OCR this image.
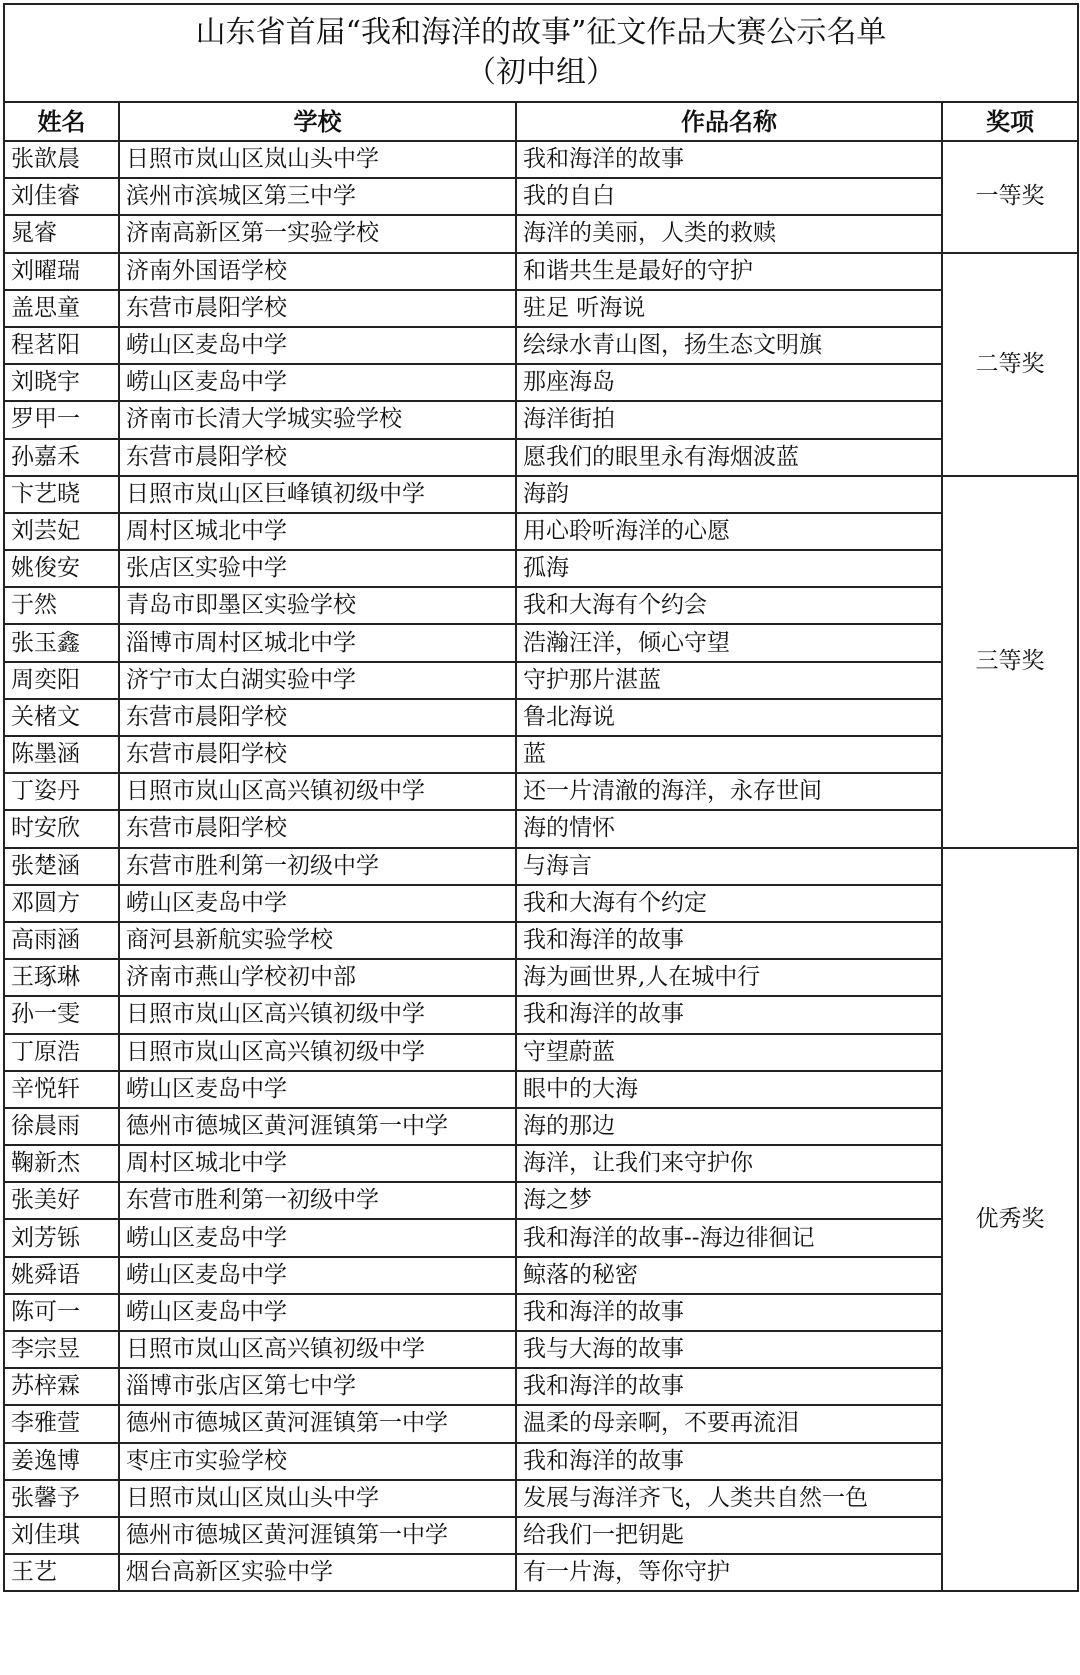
山东省首届“我和海洋的故事”征文作品大赛公示名单
（初中组）			

姓名	学校	作品名称	奖项
张歆晨	日照市岚山区岚山头中学	我和海洋的故事	一等奖
刘佳睿	滨州市滨城区第三中学	我的自白	
晁睿	济南高新区第一实验学校	海洋的美丽，人类的救赎	
刘曜瑞	济南外国语学校	和谐共生是最好的守护	二等奖
盖思童	东营市晨阳学校	驻足 听海说	
程茗阳	崂山区麦岛中学	绘绿水青山图，扬生态文明旗	
刘晓宇	崂山区麦岛中学	那座海岛	
罗甲一	济南市长清大学城实验学校	海洋街拍	
孙嘉禾	东营市晨阳学校	愿我们的眼里永有海烟波蓝	
卞艺晓	日照市岚山区巨峰镇初级中学	海韵	三等奖
刘芸妃	周村区城北中学	用心聆听海洋的心愿	
姚俊安	张店区实验中学	孤海	
于然	青岛市即墨区实验学校	我和大海有个约会	
张玉鑫	淄博市周村区城北中学	浩瀚汪洋，倾心守望	
周奕阳	济宁市太白湖实验中学	守护那片湛蓝	
关楮文	东营市晨阳学校	鲁北海说	
陈墨涵	东营市晨阳学校	蓝	
丁姿丹	日照市岚山区高兴镇初级中学	还一片清澈的海洋，永存世间	
时安欣	东营市晨阳学校	海的情怀	
张楚涵	东营市胜利第一初级中学	与海言	优秀奖
邓圆方	崂山区麦岛中学	我和大海有个约定	
高雨涵	商河县新航实验学校	我和海洋的故事	
王琢琳	济南市燕山学校初中部	海为画世界,人在城中行	
孙一雯	日照市岚山区高兴镇初级中学	我和海洋的故事	
丁原浩	日照市岚山区高兴镇初级中学	守望蔚蓝	
辛悦轩	崂山区麦岛中学	眼中的大海	
徐晨雨	德州市德城区黄河涯镇第一中学	海的那边	
鞠新杰	周村区城北中学	海洋，让我们来守护你	
张美好	东营市胜利第一初级中学	海之梦	
刘芳铄	崂山区麦岛中学	我和海洋的故事--海边徘徊记	
姚舜语	崂山区麦岛中学	鲸落的秘密	
陈可一	崂山区麦岛中学	我和海洋的故事	
李宗昱	日照市岚山区高兴镇初级中学	我与大海的故事	
苏梓霖	淄博市张店区第七中学	我和海洋的故事	
李雅萱	德州市德城区黄河涯镇第一中学	温柔的母亲啊，不要再流泪	
姜逸博	枣庄市实验学校	我和海洋的故事	
张馨予	日照市岚山区岚山头中学	发展与海洋齐飞，人类共自然一色	
刘佳琪	德州市德城区黄河涯镇第一中学	给我们一把钥匙	
王艺	烟台高新区实验中学	有一片海，等你守护	
